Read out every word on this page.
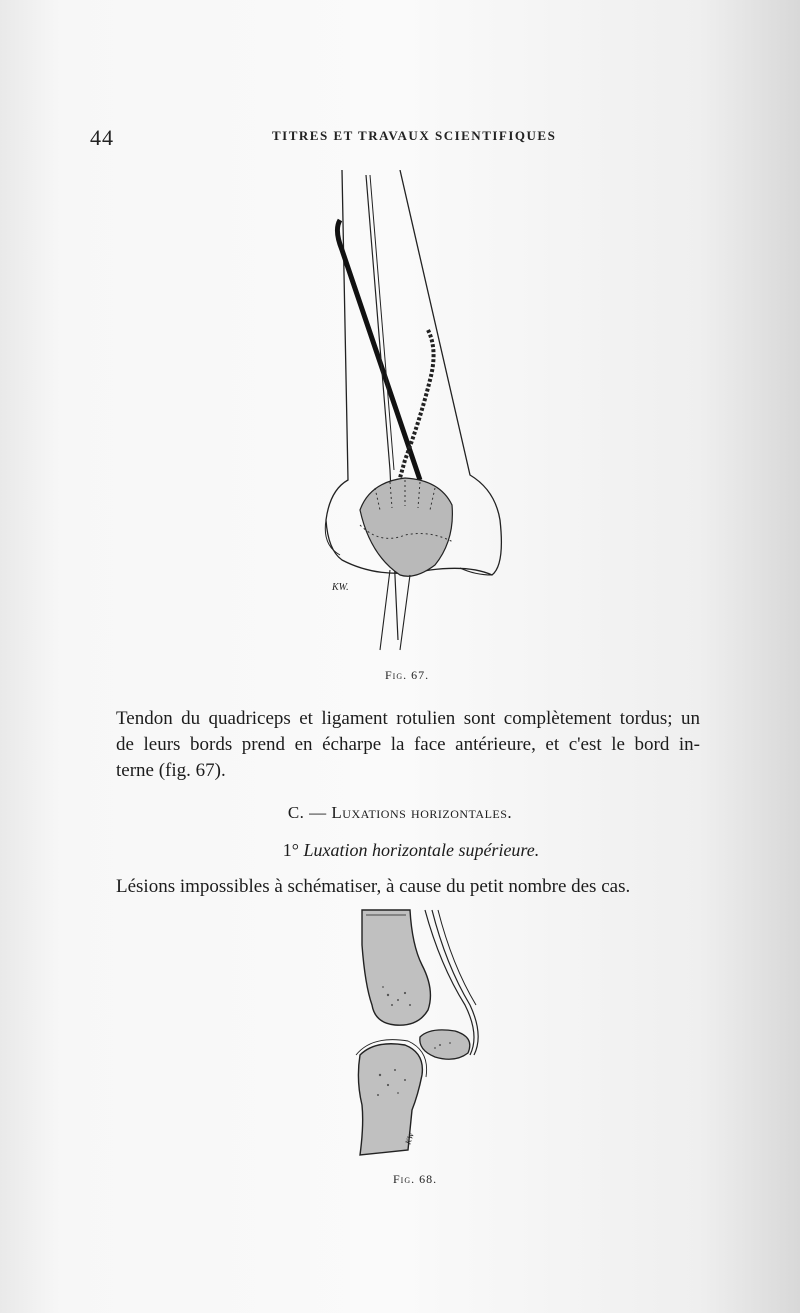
44	TITRES ET TRAVAUX SCIENTIFIQUES
KW.
Fig. 67.
Tendon du quadriceps et ligament rotulien sont complètement tordus; un
de leurs bords prend en écharpe la face antérieure, et c'est le bord in-
terne (fig. 67).
C. — Luxations horizontales.
1° Luxation horizontale supérieure.
Lésions impossibles à schématiser, à cause du petit nombre des cas.
KW
Fig. 68.
